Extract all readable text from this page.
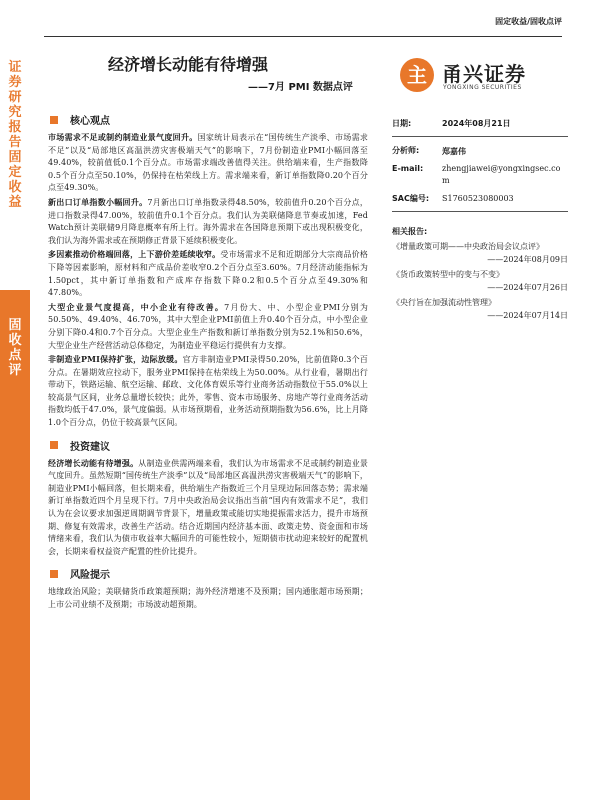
证券研究报告 固定收益
固收点评
固定收益/固收点评
经济增长动能有待增强
——7月 PMI 数据点评
主 甬兴证券
YONGXING SECURITIES
核心观点

市场需求不足或制约制造业景气度回升。国家统计局表示在“国传统生产淡季、市场需求不足”以及“局部地区高温洪涝灾害极端天气”的影响下，7月份制造业PMI小幅回落至49.40%，较前值低0.1个百分点。市场需求端改善值得关注。供给端来看，生产指数降0.5个百分点至50.10%，仍保持在枯荣线上方。需求端来看，新订单指数降0.20个百分点至49.30%。

新出口订单指数小幅回升。7月新出口订单指数录得48.50%，较前值升0.20个百分点，进口指数录得47.00%，较前值升0.1个百分点。我们认为美联储降息节奏或加速，Fed Watch预计美联储9月降息概率有所上行。海外需求在各国降息预期下或出现积极变化，我们认为海外需求或在预期修正背景下延续积极变化。

多因素推动价格端回落，上下游价差延续收窄。受市场需求不足和近期部分大宗商品价格下降等因素影响，原材料和产成品价差收窄0.2个百分点至3.60%。7月经济动能指标为1.50pct，其中新订单指数和产成库存指数下降0.2和0.5个百分点至49.30%和47.80%。

大型企业景气度提高，中小企业有待改善。7月份大、中、小型企业PMI分别为50.50%、49.40%、46.70%，其中大型企业PMI前值上升0.40个百分点，中小型企业分别下降0.4和0.7个百分点。大型企业生产指数和新订单指数分别为52.1%和50.6%，大型企业生产经营活动总体稳定，为制造业平稳运行提供有力支撑。

非制造业PMI保持扩张，边际放缓。官方非制造业PMI录得50.20%，比前值降0.3个百分点。在暑期效应拉动下，服务业PMI保持在枯荣线上为50.00%。从行业看，暑期出行带动下，铁路运输、航空运输、邮政、文化体育娱乐等行业商务活动指数位于55.0%以上较高景气区间，业务总量增长较快；此外，零售、资本市场服务、房地产等行业商务活动指数均低于47.0%，景气度偏弱。从市场预期看，业务活动预期指数为56.6%，比上月降1.0个百分点，仍位于较高景气区间。

投资建议

经济增长动能有待增强。从制造业供需两端来看，我们认为市场需求不足或制约制造业景气度回升。虽然短期“国传统生产淡季”以及“局部地区高温洪涝灾害极端天气”的影响下，制造业PMI小幅回落，但长期来看，供给端生产指数近三个月呈现边际回落态势；需求端新订单指数近四个月呈现下行。7月中央政治局会议指出当前“国内有效需求不足”，我们认为在会议要求加强逆周期调节背景下，增量政策或能切实地提振需求活力，提升市场预期、修复有效需求，改善生产活动。结合近期国内经济基本面、政策走势、资金面和市场情绪来看，我们认为债市收益率大幅回升的可能性较小，短期债市扰动迎来较好的配置机会，长期来看权益资产配置的性价比提升。

风险提示

地缘政治风险；美联储货币政策超预期；海外经济增速不及预期；国内通胀超市场预期；上市公司业绩不及预期；市场波动超预期。

日期:	2024年08月21日
分析师:	郑嘉伟
E-mail:	zhengjiawei@yongxingsec.com
SAC编号:	S1760523080003
相关报告:
《增量政策可期——中央政治局会议点评》
——2024年08月09日
《货币政策转型中的变与不变》
——2024年07月26日
《央行旨在加强流动性管理》
——2024年07月14日
